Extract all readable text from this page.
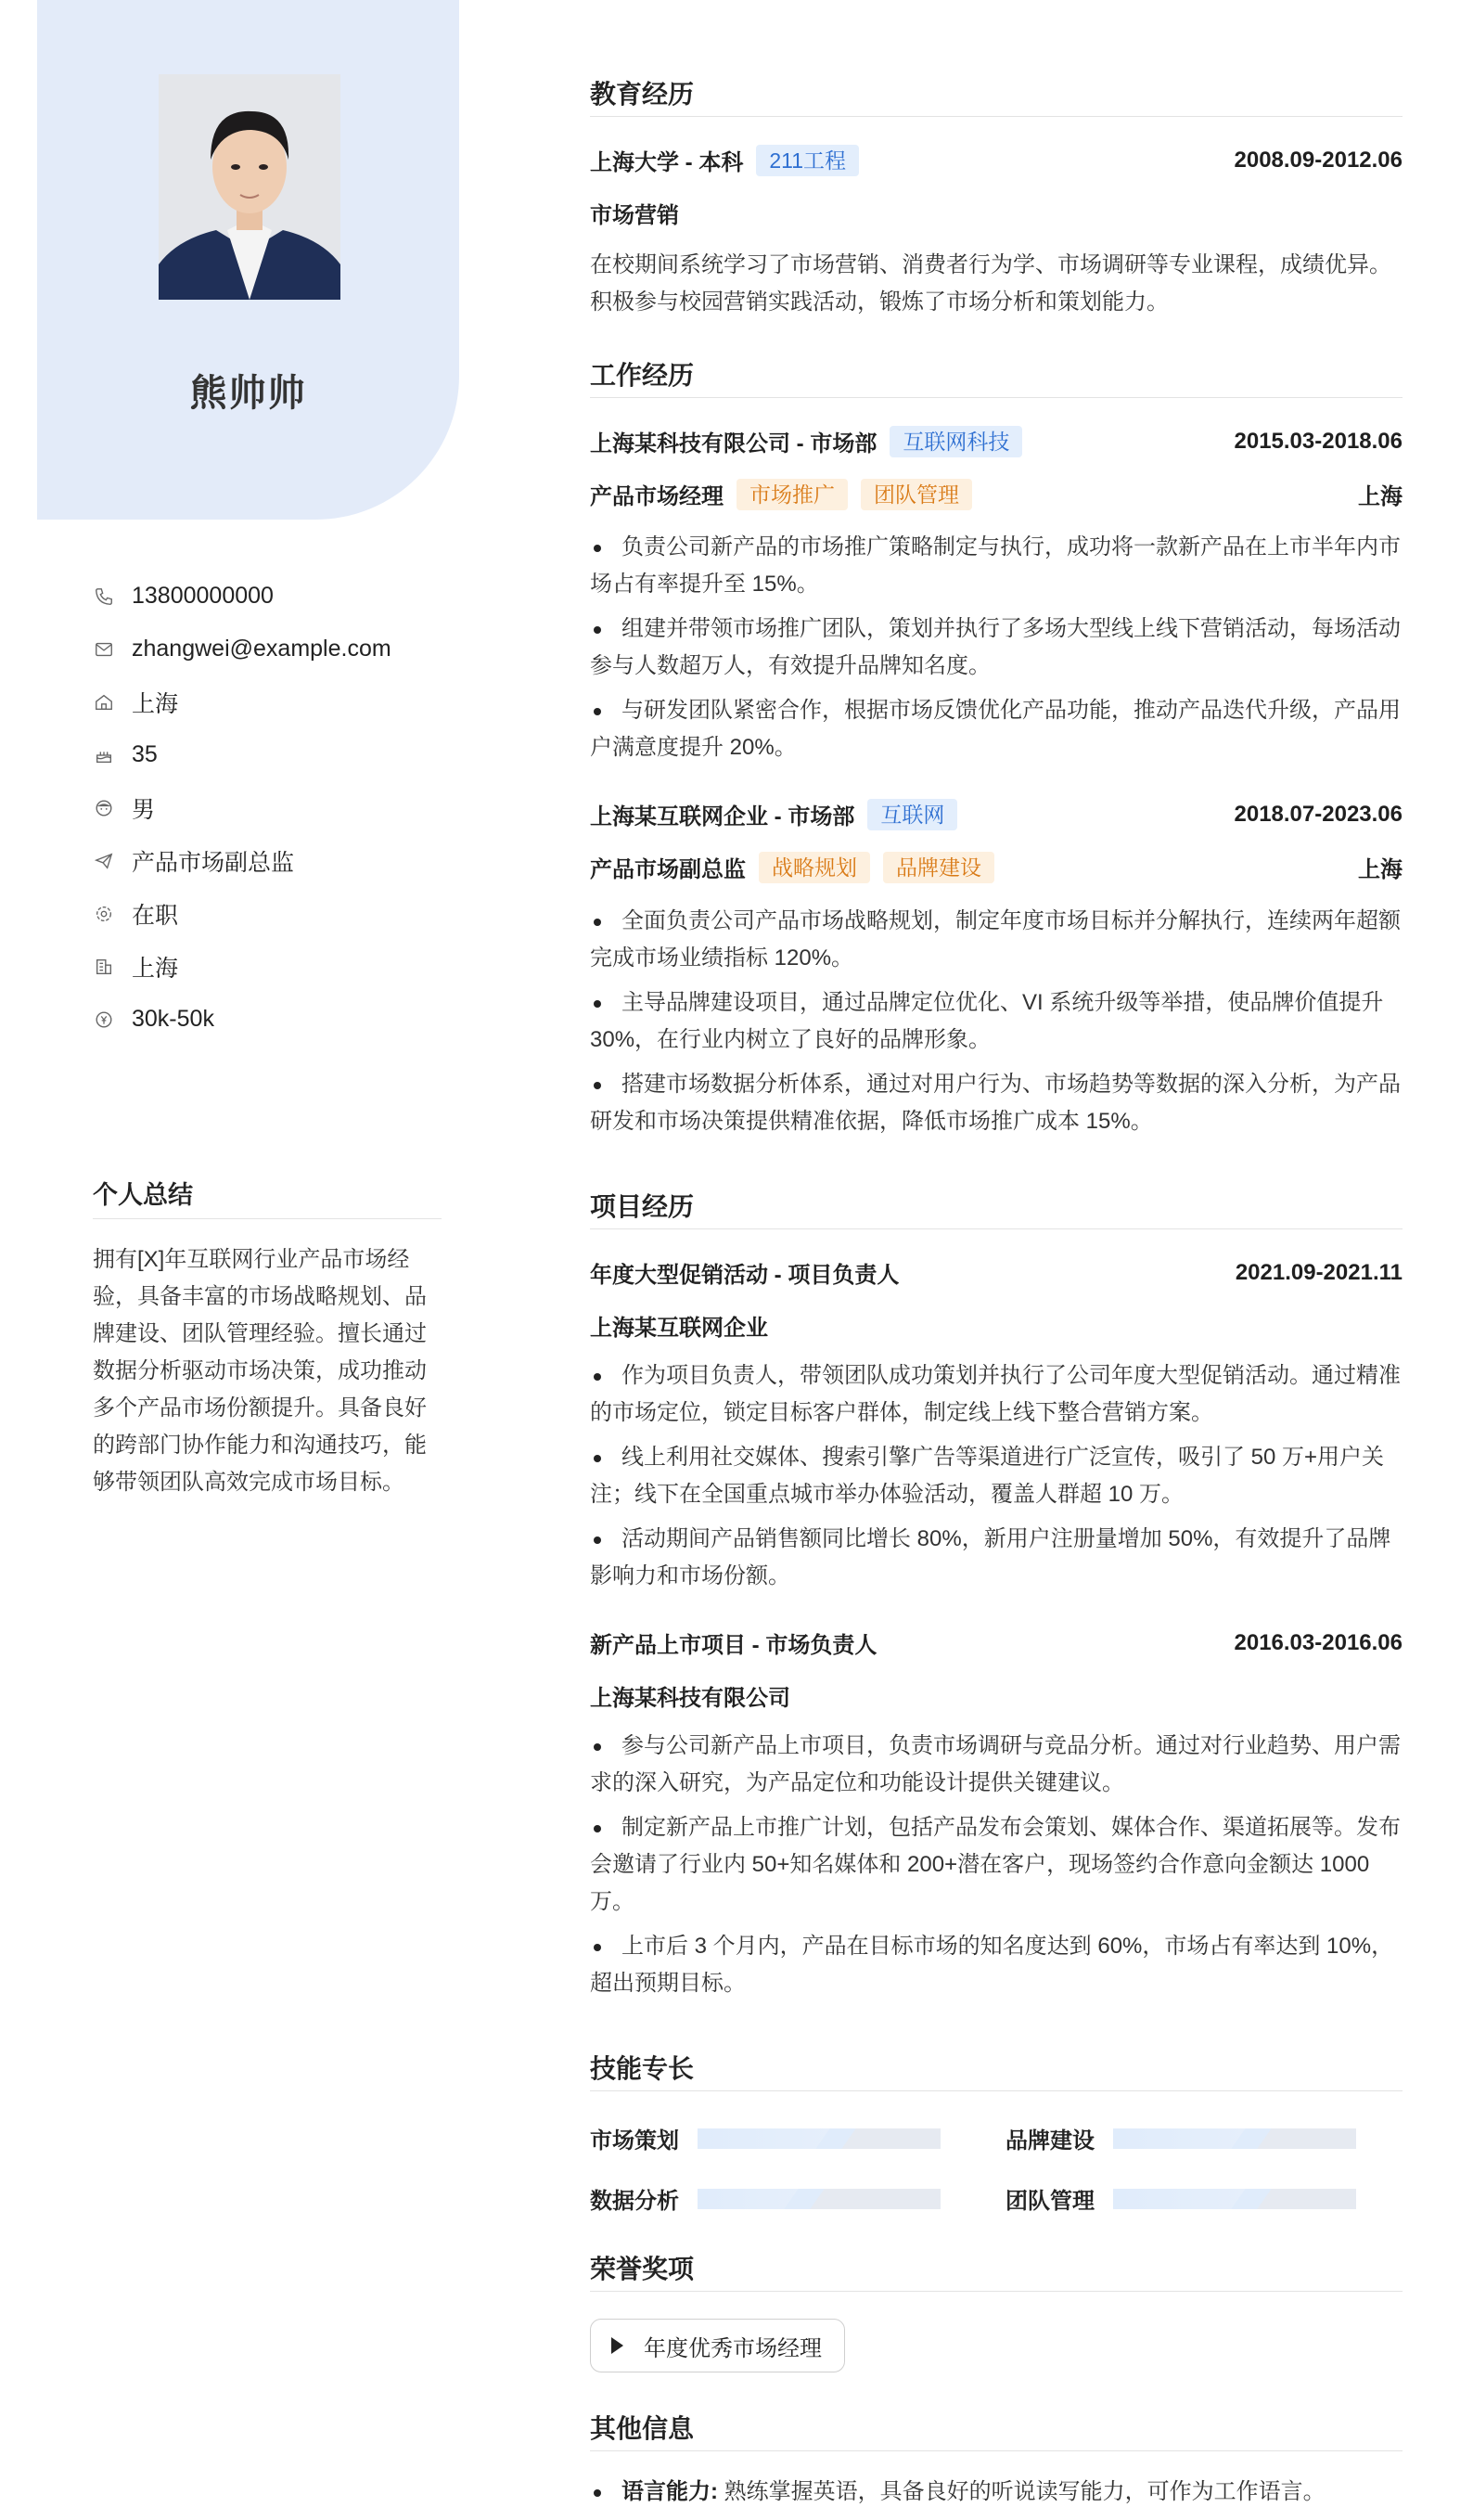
熊帅帅
13800000000
zhangwei@example.com
上海
35
男
产品市场副总监
在职
上海
30k-50k
个人总结

拥有[X]年互联网行业产品市场经验，具备丰富的市场战略规划、品牌建设、团队管理经验。擅长通过数据分析驱动市场决策，成功推动多个产品市场份额提升。具备良好的跨部门协作能力和沟通技巧，能够带领团队高效完成市场目标。

教育经历
上海大学 - 本科	211工程	2008.09-2012.06
市场营销
在校期间系统学习了市场营销、消费者行为学、市场调研等专业课程，成绩优异。积极参与校园营销实践活动，锻炼了市场分析和策划能力。
工作经历
上海某科技有限公司 - 市场部	互联网科技	2015.03-2018.06
产品市场经理	市场推广	团队管理	上海
负责公司新产品的市场推广策略制定与执行，成功将一款新产品在上市半年内市场占有率提升至 15%。
组建并带领市场推广团队，策划并执行了多场大型线上线下营销活动，每场活动参与人数超万人，有效提升品牌知名度。
与研发团队紧密合作，根据市场反馈优化产品功能，推动产品迭代升级，产品用户满意度提升 20%。
上海某互联网企业 - 市场部	互联网	2018.07-2023.06
产品市场副总监	战略规划	品牌建设	上海
全面负责公司产品市场战略规划，制定年度市场目标并分解执行，连续两年超额完成市场业绩指标 120%。
主导品牌建设项目，通过品牌定位优化、VI 系统升级等举措，使品牌价值提升 30%，在行业内树立了良好的品牌形象。
搭建市场数据分析体系，通过对用户行为、市场趋势等数据的深入分析，为产品研发和市场决策提供精准依据，降低市场推广成本 15%。
项目经历
年度大型促销活动 - 项目负责人	2021.09-2021.11
上海某互联网企业
作为项目负责人，带领团队成功策划并执行了公司年度大型促销活动。通过精准的市场定位，锁定目标客户群体，制定线上线下整合营销方案。
线上利用社交媒体、搜索引擎广告等渠道进行广泛宣传，吸引了 50 万+用户关注；线下在全国重点城市举办体验活动，覆盖人群超 10 万。
活动期间产品销售额同比增长 80%，新用户注册量增加 50%，有效提升了品牌影响力和市场份额。
新产品上市项目 - 市场负责人	2016.03-2016.06
上海某科技有限公司
参与公司新产品上市项目，负责市场调研与竞品分析。通过对行业趋势、用户需求的深入研究，为产品定位和功能设计提供关键建议。
制定新产品上市推广计划，包括产品发布会策划、媒体合作、渠道拓展等。发布会邀请了行业内 50+知名媒体和 200+潜在客户，现场签约合作意向金额达 1000 万。
上市后 3 个月内，产品在目标市场的知名度达到 60%，市场占有率达到 10%，超出预期目标。
技能专长
市场策划	品牌建设
数据分析	团队管理
荣誉奖项
年度优秀市场经理
其他信息
语言能力: 熟练掌握英语，具备良好的听说读写能力，可作为工作语言。
